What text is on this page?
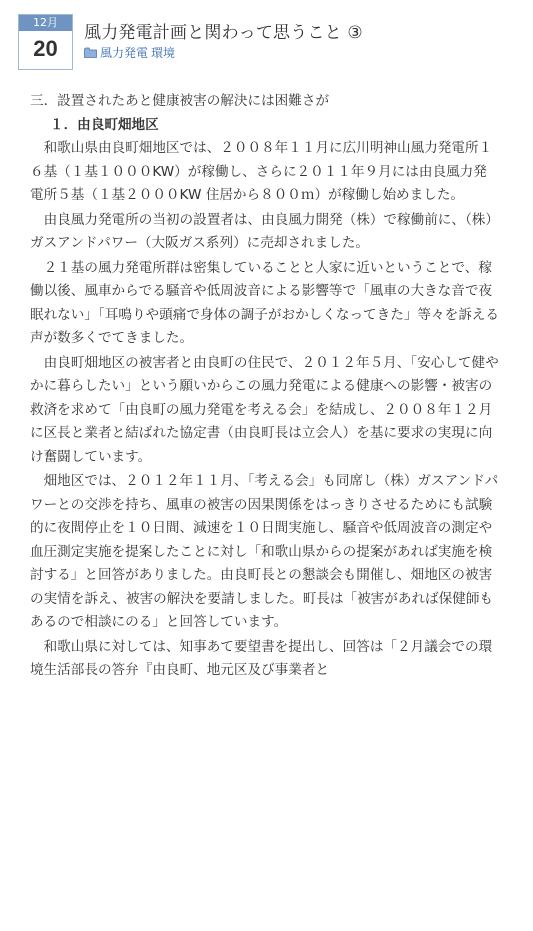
12月
20
風力発電計画と関わって思うこと ③
風力発電 環境

三．設置されたあと健康被害の解決には困難さが

１．由良町畑地区

和歌山県由良町畑地区では、２００８年１１月に広川明神山風力発電所１６基（１基１０００KW）が稼働し、さらに２０１１年９月には由良風力発電所５基（１基２０００KW 住居から８００ｍ）が稼働し始めました。

由良風力発電所の当初の設置者は、由良風力開発（株）で稼働前に、（株）ガスアンドパワー（大阪ガス系列）に売却されました。

２１基の風力発電所群は密集していることと人家に近いということで、稼働以後、風車からでる騒音や低周波音による影響等で「風車の大きな音で夜眠れない」「耳鳴りや頭痛で身体の調子がおかしくなってきた」等々を訴える声が数多くでてきました。

由良町畑地区の被害者と由良町の住民で、２０１２年５月、「安心して健やかに暮らしたい」という願いからこの風力発電による健康への影響・被害の救済を求めて「由良町の風力発電を考える会」を結成し、２００８年１２月に区長と業者と結ばれた協定書（由良町長は立会人）を基に要求の実現に向け奮闘しています。

畑地区では、２０１２年１１月、「考える会」も同席し（株）ガスアンドパワーとの交渉を持ち、風車の被害の因果関係をはっきりさせるためにも試験的に夜間停止を１０日間、減速を１０日間実施し、騒音や低周波音の測定や血圧測定実施を提案したことに対し「和歌山県からの提案があれば実施を検討する」と回答がありました。由良町長との懇談会も開催し、畑地区の被害の実情を訴え、被害の解決を要請しました。町長は「被害があれば保健師もあるので相談にのる」と回答しています。

和歌山県に対しては、知事あて要望書を提出し、回答は「２月議会での環境生活部長の答弁『由良町、地元区及び事業者と
